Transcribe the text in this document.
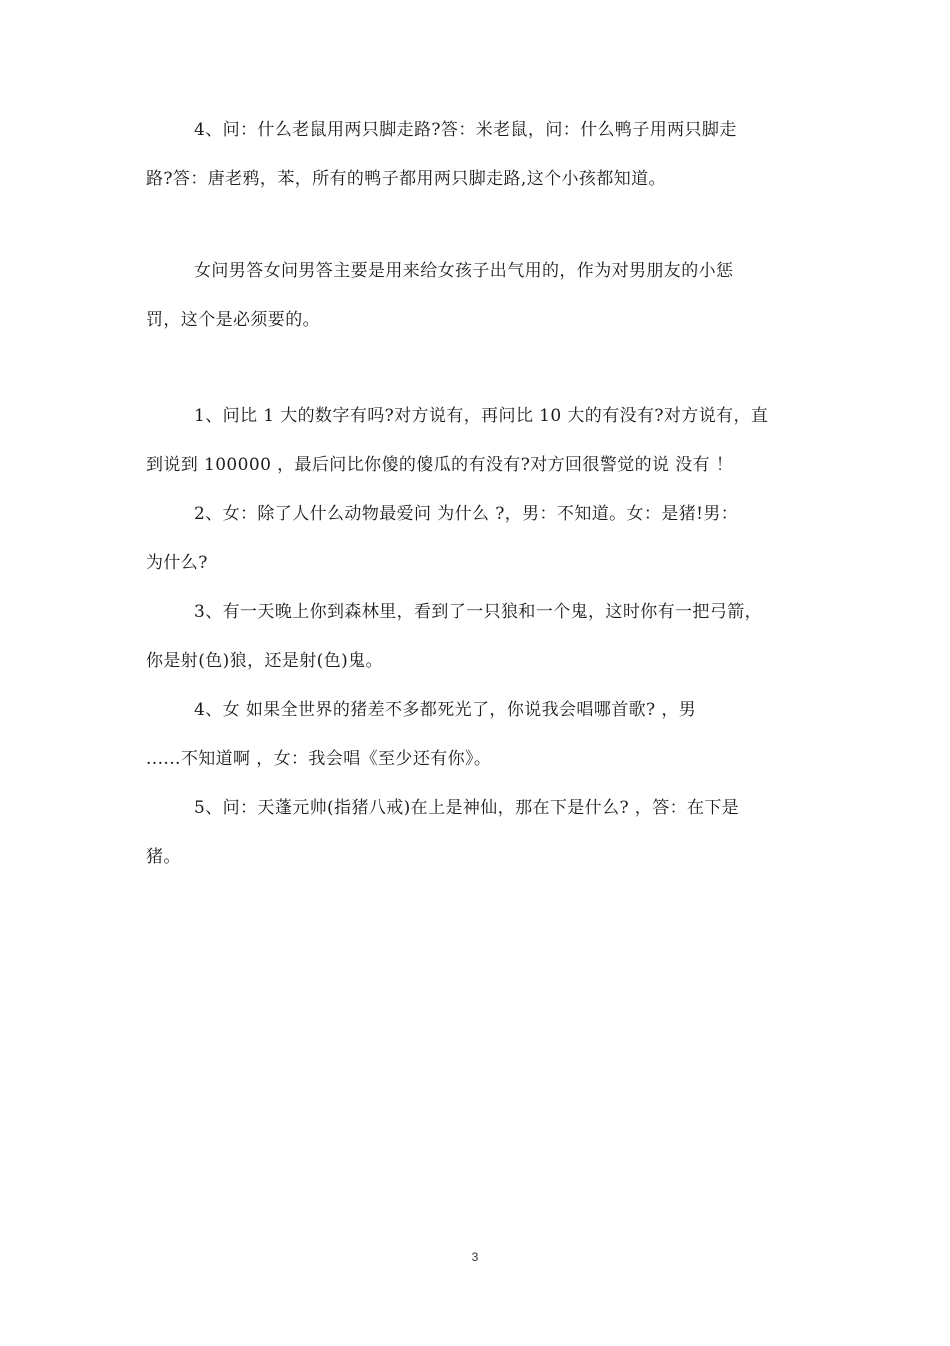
4、问：什么老鼠用两只脚走路?答：米老鼠，问：什么鸭子用两只脚走
路?答：唐老鸦，苯，所有的鸭子都用两只脚走路,这个小孩都知道。
女问男答女问男答主要是用来给女孩子出气用的，作为对男朋友的小惩
罚，这个是必须要的。
1、问比 1 大的数字有吗?对方说有，再问比 10 大的有没有?对方说有，直
到说到 100000 ，最后问比你傻的傻瓜的有没有?对方回很警觉的说 没有 ！
2、女：除了人什么动物最爱问 为什么 ?，男：不知道。女：是猪!男：
为什么?
3、有一天晚上你到森林里，看到了一只狼和一个鬼，这时你有一把弓箭，
你是射(色)狼，还是射(色)鬼。
4、女 如果全世界的猪差不多都死光了，你说我会唱哪首歌? ，男
......不知道啊 ，女：我会唱《至少还有你》。
5、问：天蓬元帅(指猪八戒)在上是神仙，那在下是什么? ，答：在下是
猪。
3
